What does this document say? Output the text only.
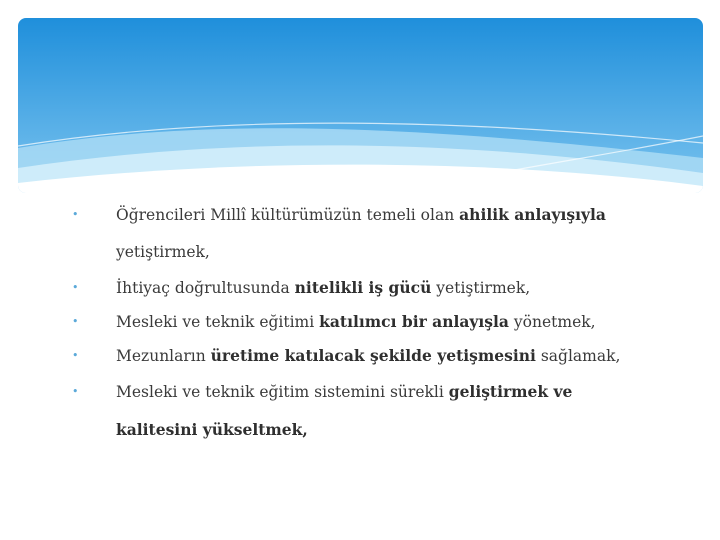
• Öğrencileri Millî kültürümüzün temeli olan ahilik anlayışıyla
yetiştirmek,
• İhtiyaç doğrultusunda nitelikli iş gücü yetiştirmek,
• Mesleki ve teknik eğitimi katılımcı bir anlayışla yönetmek,
• Mezunların üretime katılacak şekilde yetişmesini sağlamak,
• Mesleki ve teknik eğitim sistemini sürekli geliştirmek ve
kalitesini yükseltmek,
